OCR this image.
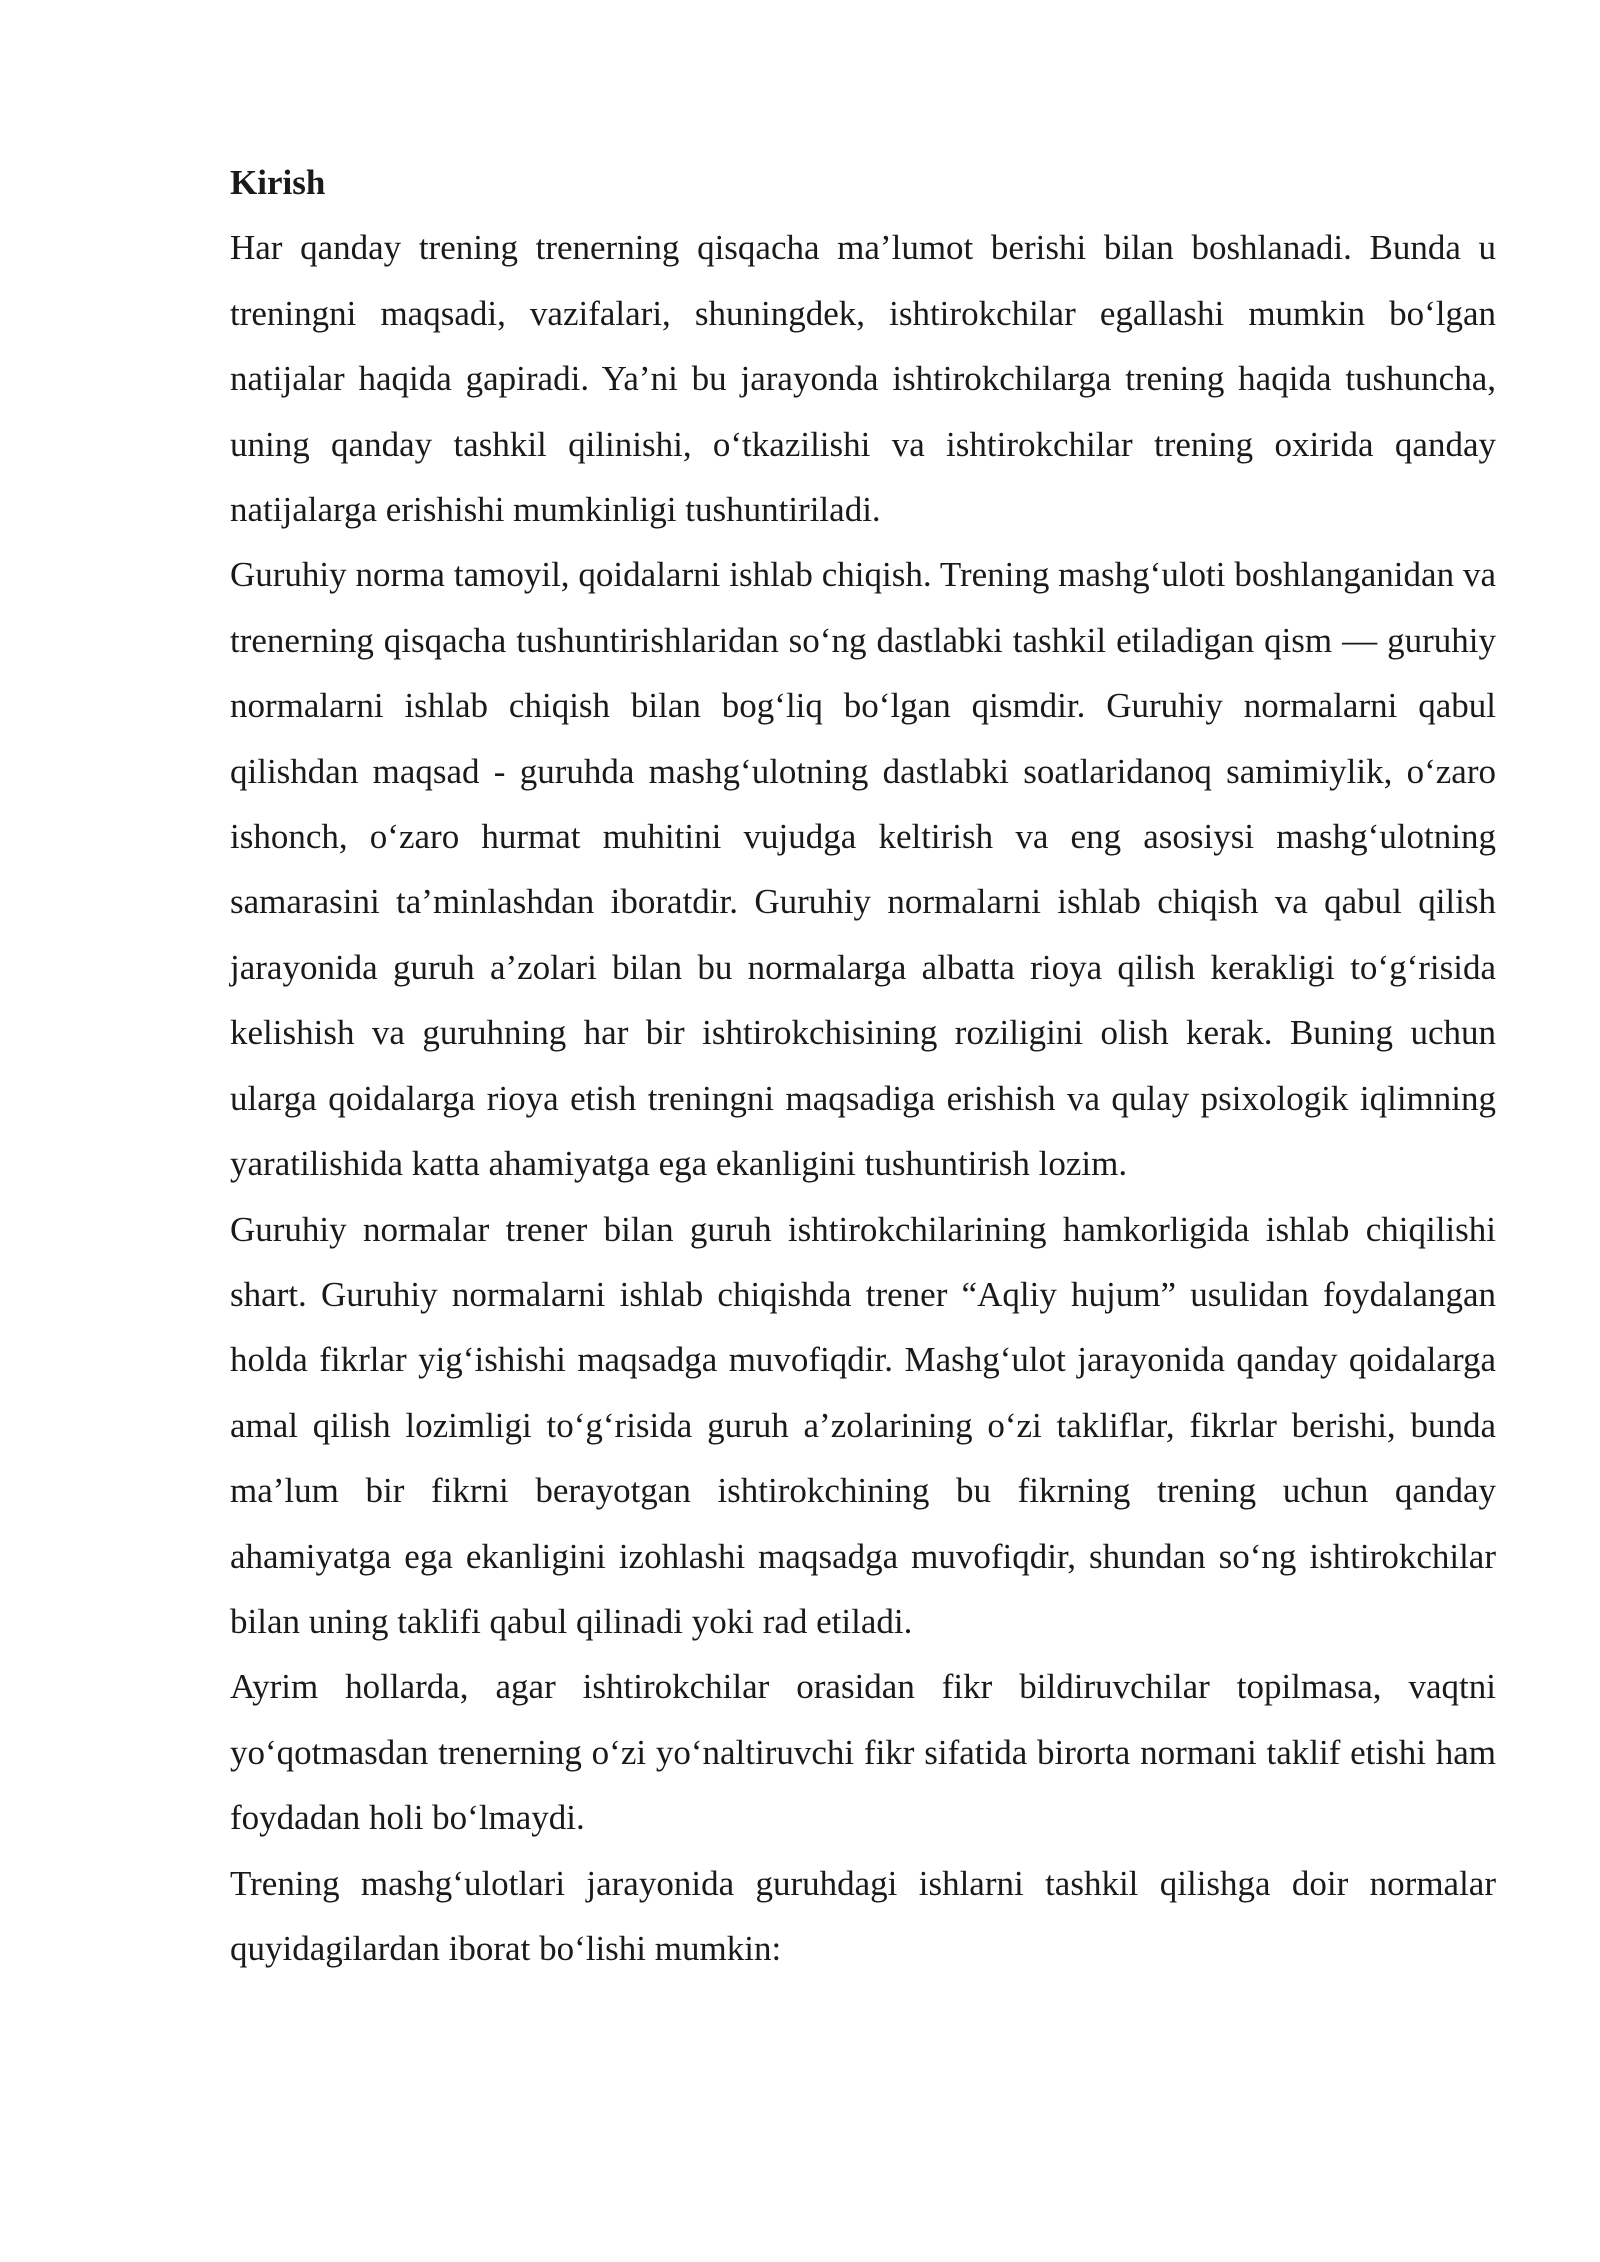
Kirish

Har qanday trening trenerning qisqacha ma’lumot berishi bilan boshlanadi. Bunda u treningni maqsadi, vazifalari, shuningdek, ishtirokchilar egallashi mumkin bo‘lgan natijalar haqida gapiradi. Ya’ni bu jarayonda ishtirokchilarga trening haqida tushuncha, uning qanday tashkil qilinishi, o‘tkazilishi va ishtirokchilar trening oxirida qanday natijalarga erishishi mumkinligi tushuntiriladi.

Guruhiy norma tamoyil, qoidalarni ishlab chiqish. Trening mashg‘uloti boshlanganidan va trenerning qisqacha tushuntirishlaridan so‘ng dastlabki tashkil etiladigan qism — guruhiy normalarni ishlab chiqish bilan bog‘liq bo‘lgan qismdir. Guruhiy normalarni qabul qilishdan maqsad - guruhda mashg‘ulotning dastlabki soatlaridanoq samimiylik, o‘zaro ishonch, o‘zaro hurmat muhitini vujudga keltirish va eng asosiysi mashg‘ulotning samarasini ta’minlashdan iboratdir. Guruhiy normalarni ishlab chiqish va qabul qilish jarayonida guruh a’zolari bilan bu normalarga albatta rioya qilish kerakligi to‘g‘risida kelishish va guruhning har bir ishtirokchisining roziligini olish kerak. Buning uchun ularga qoidalarga rioya etish treningni maqsadiga erishish va qulay psixologik iqlimning yaratilishida katta ahamiyatga ega ekanligini tushuntirish lozim.

Guruhiy normalar trener bilan guruh ishtirokchilarining hamkorligida ishlab chiqilishi shart. Guruhiy normalarni ishlab chiqishda trener “Aqliy hujum” usulidan foydalangan holda fikrlar yig‘ishishi maqsadga muvofiqdir. Mashg‘ulot jarayonida qanday qoidalarga amal qilish lozimligi to‘g‘risida guruh a’zolarining o‘zi takliflar, fikrlar berishi, bunda ma’lum bir fikrni berayotgan ishtirokchining bu fikrning trening uchun qanday ahamiyatga ega ekanligini izohlashi maqsadga muvofiqdir, shundan so‘ng ishtirokchilar bilan uning taklifi qabul qilinadi yoki rad etiladi.

Ayrim hollarda, agar ishtirokchilar orasidan fikr bildiruvchilar topilmasa, vaqtni yo‘qotmasdan trenerning o‘zi yo‘naltiruvchi fikr sifatida birorta normani taklif etishi ham foydadan holi bo‘lmaydi.

Trening mashg‘ulotlari jarayonida guruhdagi ishlarni tashkil qilishga doir normalar quyidagilardan iborat bo‘lishi mumkin:
